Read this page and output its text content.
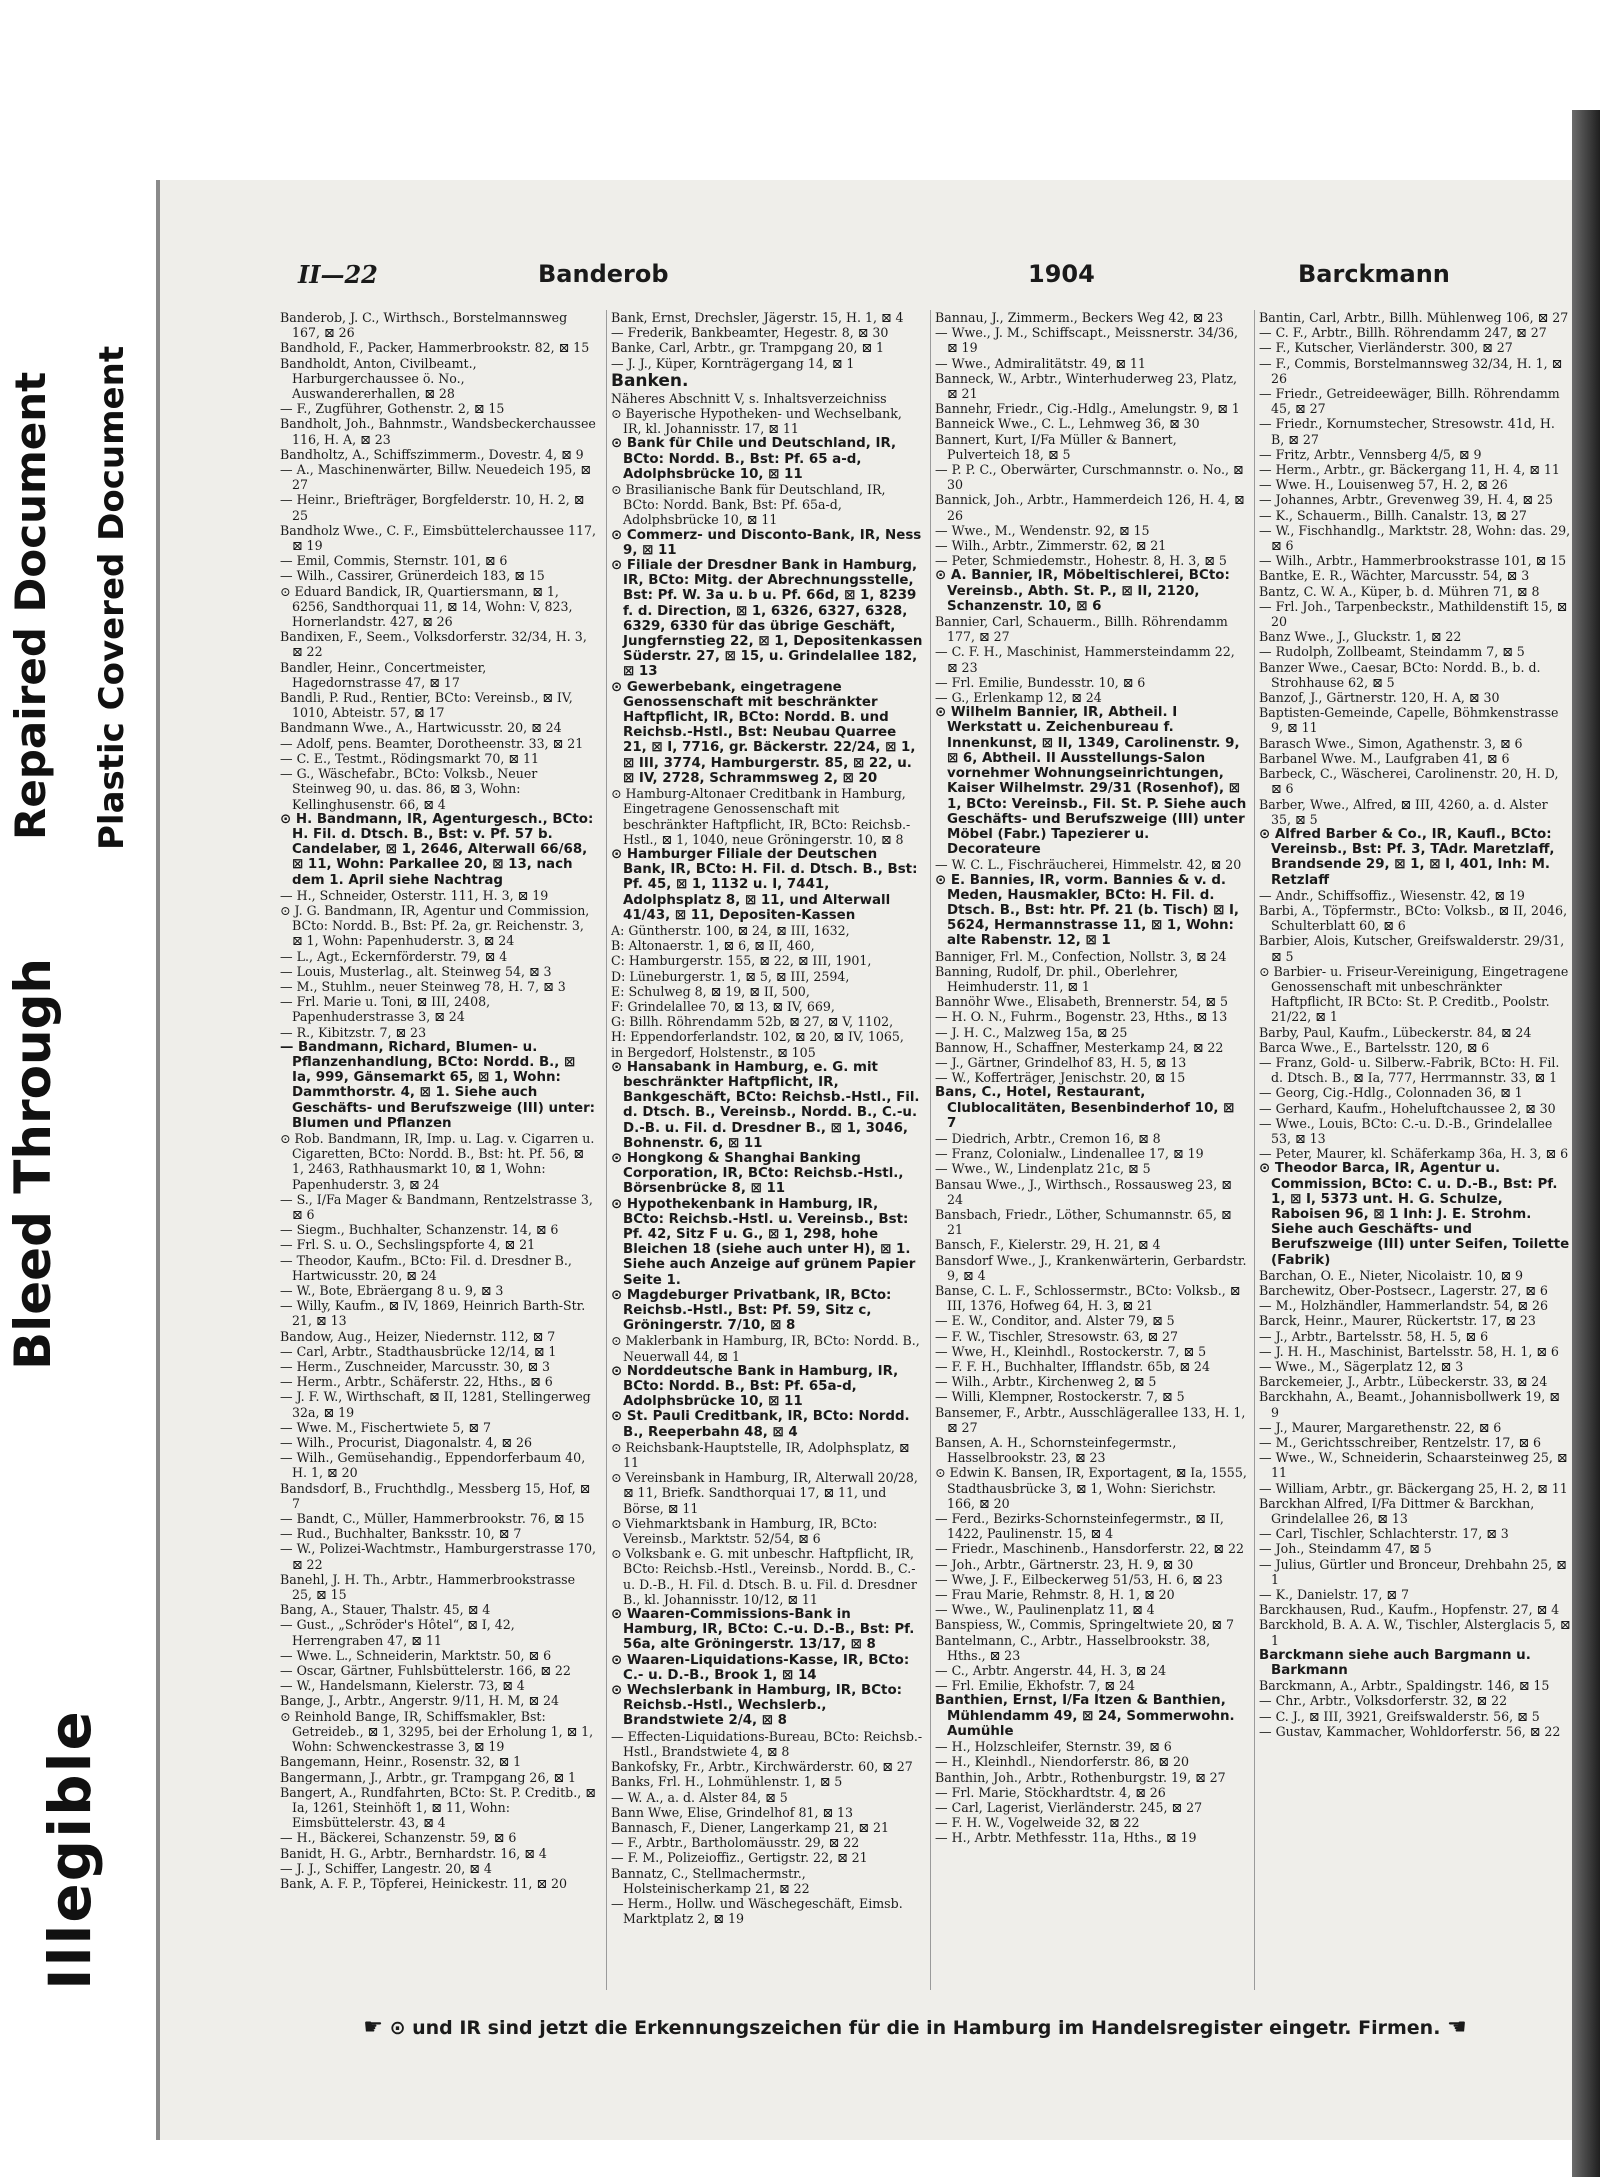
Bleed Through
Repaired Document Plastic Covered Document
Illegible
II—22	Banderob	1904	Barckmann

Banderob, J. C., Wirthsch., Borstelmannsweg 167, ⊠ 26

Bandhold, F., Packer, Hammerbrookstr. 82, ⊠ 15

Bandholdt, Anton, Civilbeamt., Harburgerchaussee ö. No., Auswandererhallen, ⊠ 28

— F., Zugführer, Gothenstr. 2, ⊠ 15

Bandholt, Joh., Bahnmstr., Wandsbeckerchaussee 116, H. A, ⊠ 23

Bandholtz, A., Schiffszimmerm., Dovestr. 4, ⊠ 9

— A., Maschinenwärter, Billw. Neuedeich 195, ⊠ 27

— Heinr., Briefträger, Borgfelderstr. 10, H. 2, ⊠ 25

Bandholz Wwe., C. F., Eimsbüttelerchaussee 117, ⊠ 19

— Emil, Commis, Sternstr. 101, ⊠ 6

— Wilh., Cassirer, Grünerdeich 183, ⊠ 15

⊙ Eduard Bandick, IR, Quartiersmann, ⊠ 1, 6256, Sandthorquai 11, ⊠ 14, Wohn: V, 823, Hornerlandstr. 427, ⊠ 26

Bandixen, F., Seem., Volksdorferstr. 32/34, H. 3, ⊠ 22

Bandler, Heinr., Concertmeister, Hagedornstrasse 47, ⊠ 17

Bandli, P. Rud., Rentier, BCto: Vereinsb., ⊠ IV, 1010, Abteistr. 57, ⊠ 17

Bandmann Wwe., A., Hartwicusstr. 20, ⊠ 24

— Adolf, pens. Beamter, Dorotheenstr. 33, ⊠ 21

— C. E., Testmt., Rödingsmarkt 70, ⊠ 11

— G., Wäschefabr., BCto: Volksb., Neuer Steinweg 90, u. das. 86, ⊠ 3, Wohn: Kellinghusenstr. 66, ⊠ 4

⊙ H. Bandmann, IR, Agenturgesch., BCto: H. Fil. d. Dtsch. B., Bst: v. Pf. 57 b. Candelaber, ⊠ 1, 2646, Alterwall 66/68, ⊠ 11, Wohn: Parkallee 20, ⊠ 13, nach dem 1. April siehe Nachtrag

— H., Schneider, Osterstr. 111, H. 3, ⊠ 19

⊙ J. G. Bandmann, IR, Agentur und Commission, BCto: Nordd. B., Bst: Pf. 2a, gr. Reichenstr. 3, ⊠ 1, Wohn: Papenhuderstr. 3, ⊠ 24

— L., Agt., Eckernförderstr. 79, ⊠ 4

— Louis, Musterlag., alt. Steinweg 54, ⊠ 3

— M., Stuhlm., neuer Steinweg 78, H. 7, ⊠ 3

— Frl. Marie u. Toni, ⊠ III, 2408, Papenhuderstrasse 3, ⊠ 24

— R., Kibitzstr. 7, ⊠ 23

— Bandmann, Richard, Blumen- u. Pflanzenhandlung, BCto: Nordd. B., ⊠ Ia, 999, Gänsemarkt 65, ⊠ 1, Wohn: Dammthorstr. 4, ⊠ 1. Siehe auch Geschäfts- und Berufszweige (III) unter: Blumen und Pflanzen

⊙ Rob. Bandmann, IR, Imp. u. Lag. v. Cigarren u. Cigaretten, BCto: Nordd. B., Bst: ht. Pf. 56, ⊠ 1, 2463, Rathhausmarkt 10, ⊠ 1, Wohn: Papenhuderstr. 3, ⊠ 24

— S., I/Fa Mager & Bandmann, Rentzelstrasse 3, ⊠ 6

— Siegm., Buchhalter, Schanzenstr. 14, ⊠ 6

— Frl. S. u. O., Sechslingspforte 4, ⊠ 21

— Theodor, Kaufm., BCto: Fil. d. Dresdner B., Hartwicusstr. 20, ⊠ 24

— W., Bote, Ebräergang 8 u. 9, ⊠ 3

— Willy, Kaufm., ⊠ IV, 1869, Heinrich Barth-Str. 21, ⊠ 13

Bandow, Aug., Heizer, Niedernstr. 112, ⊠ 7

— Carl, Arbtr., Stadthausbrücke 12/14, ⊠ 1

— Herm., Zuschneider, Marcusstr. 30, ⊠ 3

— Herm., Arbtr., Schäferstr. 22, Hths., ⊠ 6

— J. F. W., Wirthschaft, ⊠ II, 1281, Stellingerweg 32a, ⊠ 19

— Wwe. M., Fischertwiete 5, ⊠ 7

— Wilh., Procurist, Diagonalstr. 4, ⊠ 26

— Wilh., Gemüsehandig., Eppendorferbaum 40, H. 1, ⊠ 20

Bandsdorf, B., Fruchthdlg., Messberg 15, Hof, ⊠ 7

— Bandt, C., Müller, Hammerbrookstr. 76, ⊠ 15

— Rud., Buchhalter, Banksstr. 10, ⊠ 7

— W., Polizei-Wachtmstr., Hamburgerstrasse 170, ⊠ 22

Banehl, J. H. Th., Arbtr., Hammerbrookstrasse 25, ⊠ 15

Bang, A., Stauer, Thalstr. 45, ⊠ 4

— Gust., „Schröder's Hôtel“, ⊠ I, 42, Herrengraben 47, ⊠ 11

— Wwe. L., Schneiderin, Marktstr. 50, ⊠ 6

— Oscar, Gärtner, Fuhlsbüttelerstr. 166, ⊠ 22

— W., Handelsmann, Kielerstr. 73, ⊠ 4

Bange, J., Arbtr., Angerstr. 9/11, H. M, ⊠ 24

⊙ Reinhold Bange, IR, Schiffsmakler, Bst: Getreideb., ⊠ 1, 3295, bei der Erholung 1, ⊠ 1, Wohn: Schwenckestrasse 3, ⊠ 19

Bangemann, Heinr., Rosenstr. 32, ⊠ 1

Bangermann, J., Arbtr., gr. Trampgang 26, ⊠ 1

Bangert, A., Rundfahrten, BCto: St. P. Creditb., ⊠ Ia, 1261, Steinhöft 1, ⊠ 11, Wohn: Eimsbüttelerstr. 43, ⊠ 4

— H., Bäckerei, Schanzenstr. 59, ⊠ 6

Banidt, H. G., Arbtr., Bernhardstr. 16, ⊠ 4

— J. J., Schiffer, Langestr. 20, ⊠ 4

Bank, A. F. P., Töpferei, Heinickestr. 11, ⊠ 20

Bank, Ernst, Drechsler, Jägerstr. 15, H. 1, ⊠ 4

— Frederik, Bankbeamter, Hegestr. 8, ⊠ 30

Banke, Carl, Arbtr., gr. Trampgang 20, ⊠ 1

— J. J., Küper, Kornträgergang 14, ⊠ 1

Banken.

Näheres Abschnitt V, s. Inhaltsverzeichniss

⊙ Bayerische Hypotheken- und Wechselbank, IR, kl. Johannisstr. 17, ⊠ 11

⊙ Bank für Chile und Deutschland, IR, BCto: Nordd. B., Bst: Pf. 65 a-d, Adolphsbrücke 10, ⊠ 11

⊙ Brasilianische Bank für Deutschland, IR, BCto: Nordd. Bank, Bst: Pf. 65a-d, Adolphsbrücke 10, ⊠ 11

⊙ Commerz- und Disconto-Bank, IR, Ness 9, ⊠ 11

⊙ Filiale der Dresdner Bank in Hamburg, IR, BCto: Mitg. der Abrechnungsstelle, Bst: Pf. W. 3a u. b u. Pf. 66d, ⊠ 1, 8239 f. d. Direction, ⊠ 1, 6326, 6327, 6328, 6329, 6330 für das übrige Geschäft, Jungfernstieg 22, ⊠ 1, Depositenkassen Süderstr. 27, ⊠ 15, u. Grindelallee 182, ⊠ 13

⊙ Gewerbebank, eingetragene Genossenschaft mit beschränkter Haftpflicht, IR, BCto: Nordd. B. und Reichsb.-Hstl., Bst: Neubau Quarree 21, ⊠ I, 7716, gr. Bäckerstr. 22/24, ⊠ 1, ⊠ III, 3774, Hamburgerstr. 85, ⊠ 22, u. ⊠ IV, 2728, Schrammsweg 2, ⊠ 20

⊙ Hamburg-Altonaer Creditbank in Hamburg, Eingetragene Genossenschaft mit beschränkter Haftpflicht, IR, BCto: Reichsb.-Hstl., ⊠ 1, 1040, neue Gröningerstr. 10, ⊠ 8

⊙ Hamburger Filiale der Deutschen Bank, IR, BCto: H. Fil. d. Dtsch. B., Bst: Pf. 45, ⊠ 1, 1132 u. I, 7441, Adolphsplatz 8, ⊠ 11, und Alterwall 41/43, ⊠ 11, Depositen-Kassen

A: Güntherstr. 100, ⊠ 24, ⊠ III, 1632,

B: Altonaerstr. 1, ⊠ 6, ⊠ II, 460,

C: Hamburgerstr. 155, ⊠ 22, ⊠ III, 1901,

D: Lüneburgerstr. 1, ⊠ 5, ⊠ III, 2594,

E: Schulweg 8, ⊠ 19, ⊠ II, 500,

F: Grindelallee 70, ⊠ 13, ⊠ IV, 669,

G: Billh. Röhrendamm 52b, ⊠ 27, ⊠ V, 1102,

H: Eppendorferlandstr. 102, ⊠ 20, ⊠ IV, 1065,

in Bergedorf, Holstenstr., ⊠ 105

⊙ Hansabank in Hamburg, e. G. mit beschränkter Haftpflicht, IR, Bankgeschäft, BCto: Reichsb.-Hstl., Fil. d. Dtsch. B., Vereinsb., Nordd. B., C.-u. D.-B. u. Fil. d. Dresdner B., ⊠ 1, 3046, Bohnenstr. 6, ⊠ 11

⊙ Hongkong & Shanghai Banking Corporation, IR, BCto: Reichsb.-Hstl., Börsenbrücke 8, ⊠ 11

⊙ Hypothekenbank in Hamburg, IR, BCto: Reichsb.-Hstl. u. Vereinsb., Bst: Pf. 42, Sitz F u. G., ⊠ 1, 298, hohe Bleichen 18 (siehe auch unter H), ⊠ 1. Siehe auch Anzeige auf grünem Papier Seite 1.

⊙ Magdeburger Privatbank, IR, BCto: Reichsb.-Hstl., Bst: Pf. 59, Sitz c, Gröningerstr. 7/10, ⊠ 8

⊙ Maklerbank in Hamburg, IR, BCto: Nordd. B., Neuerwall 44, ⊠ 1

⊙ Norddeutsche Bank in Hamburg, IR, BCto: Nordd. B., Bst: Pf. 65a-d, Adolphsbrücke 10, ⊠ 11

⊙ St. Pauli Creditbank, IR, BCto: Nordd. B., Reeperbahn 48, ⊠ 4

⊙ Reichsbank-Hauptstelle, IR, Adolphsplatz, ⊠ 11

⊙ Vereinsbank in Hamburg, IR, Alterwall 20/28, ⊠ 11, Briefk. Sandthorquai 17, ⊠ 11, und Börse, ⊠ 11

⊙ Viehmarktsbank in Hamburg, IR, BCto: Vereinsb., Marktstr. 52/54, ⊠ 6

⊙ Volksbank e. G. mit unbeschr. Haftpflicht, IR, BCto: Reichsb.-Hstl., Vereinsb., Nordd. B., C.- u. D.-B., H. Fil. d. Dtsch. B. u. Fil. d. Dresdner B., kl. Johannisstr. 10/12, ⊠ 11

⊙ Waaren-Commissions-Bank in Hamburg, IR, BCto: C.-u. D.-B., Bst: Pf. 56a, alte Gröningerstr. 13/17, ⊠ 8

⊙ Waaren-Liquidations-Kasse, IR, BCto: C.- u. D.-B., Brook 1, ⊠ 14

⊙ Wechslerbank in Hamburg, IR, BCto: Reichsb.-Hstl., Wechslerb., Brandstwiete 2/4, ⊠ 8

— Effecten-Liquidations-Bureau, BCto: Reichsb.-Hstl., Brandstwiete 4, ⊠ 8

Bankofsky, Fr., Arbtr., Kirchwärderstr. 60, ⊠ 27

Banks, Frl. H., Lohmühlenstr. 1, ⊠ 5

— W. A., a. d. Alster 84, ⊠ 5

Bann Wwe, Elise, Grindelhof 81, ⊠ 13

Bannasch, F., Diener, Langerkamp 21, ⊠ 21

— F., Arbtr., Bartholomäusstr. 29, ⊠ 22

— F. M., Polizeioffiz., Gertigstr. 22, ⊠ 21

Bannatz, C., Stellmachermstr., Holsteinischerkamp 21, ⊠ 22

— Herm., Hollw. und Wäschegeschäft, Eimsb. Marktplatz 2, ⊠ 19

Bannau, J., Zimmerm., Beckers Weg 42, ⊠ 23

— Wwe., J. M., Schiffscapt., Meissnerstr. 34/36, ⊠ 19

— Wwe., Admiralitätstr. 49, ⊠ 11

Banneck, W., Arbtr., Winterhuderweg 23, Platz, ⊠ 21

Bannehr, Friedr., Cig.-Hdlg., Amelungstr. 9, ⊠ 1

Banneick Wwe., C. L., Lehmweg 36, ⊠ 30

Bannert, Kurt, I/Fa Müller & Bannert, Pulverteich 18, ⊠ 5

— P. P. C., Oberwärter, Curschmannstr. o. No., ⊠ 30

Bannick, Joh., Arbtr., Hammerdeich 126, H. 4, ⊠ 26

— Wwe., M., Wendenstr. 92, ⊠ 15

— Wilh., Arbtr., Zimmerstr. 62, ⊠ 21

— Peter, Schmiedemstr., Hohestr. 8, H. 3, ⊠ 5

⊙ A. Bannier, IR, Möbeltischlerei, BCto: Vereinsb., Abth. St. P., ⊠ II, 2120, Schanzenstr. 10, ⊠ 6

Bannier, Carl, Schauerm., Billh. Röhrendamm 177, ⊠ 27

— C. F. H., Maschinist, Hammersteindamm 22, ⊠ 23

— Frl. Emilie, Bundesstr. 10, ⊠ 6

— G., Erlenkamp 12, ⊠ 24

⊙ Wilhelm Bannier, IR, Abtheil. I Werkstatt u. Zeichenbureau f. Innenkunst, ⊠ II, 1349, Carolinenstr. 9, ⊠ 6, Abtheil. II Ausstellungs-Salon vornehmer Wohnungseinrichtungen, Kaiser Wilhelmstr. 29/31 (Rosenhof), ⊠ 1, BCto: Vereinsb., Fil. St. P. Siehe auch Geschäfts- und Berufszweige (III) unter Möbel (Fabr.) Tapezierer u. Decorateure

— W. C. L., Fischräucherei, Himmelstr. 42, ⊠ 20

⊙ E. Bannies, IR, vorm. Bannies & v. d. Meden, Hausmakler, BCto: H. Fil. d. Dtsch. B., Bst: htr. Pf. 21 (b. Tisch) ⊠ I, 5624, Hermannstrasse 11, ⊠ 1, Wohn: alte Rabenstr. 12, ⊠ 1

Banniger, Frl. M., Confection, Nollstr. 3, ⊠ 24

Banning, Rudolf, Dr. phil., Oberlehrer, Heimhuderstr. 11, ⊠ 1

Bannöhr Wwe., Elisabeth, Brennerstr. 54, ⊠ 5

— H. O. N., Fuhrm., Bogenstr. 23, Hths., ⊠ 13

— J. H. C., Malzweg 15a, ⊠ 25

Bannow, H., Schaffner, Mesterkamp 24, ⊠ 22

— J., Gärtner, Grindelhof 83, H. 5, ⊠ 13

— W., Kofferträger, Jenischstr. 20, ⊠ 15

Bans, C., Hotel, Restaurant, Clublocalitäten, Besenbinderhof 10, ⊠ 7

— Diedrich, Arbtr., Cremon 16, ⊠ 8

— Franz, Colonialw., Lindenallee 17, ⊠ 19

— Wwe., W., Lindenplatz 21c, ⊠ 5

Bansau Wwe., J., Wirthsch., Rossausweg 23, ⊠ 24

Bansbach, Friedr., Löther, Schumannstr. 65, ⊠ 21

Bansch, F., Kielerstr. 29, H. 21, ⊠ 4

Bansdorf Wwe., J., Krankenwärterin, Gerbardstr. 9, ⊠ 4

Banse, C. L. F., Schlossermstr., BCto: Volksb., ⊠ III, 1376, Hofweg 64, H. 3, ⊠ 21

— E. W., Conditor, and. Alster 79, ⊠ 5

— F. W., Tischler, Stresowstr. 63, ⊠ 27

— Wwe, H., Kleinhdl., Rostockerstr. 7, ⊠ 5

— F. F. H., Buchhalter, Ifflandstr. 65b, ⊠ 24

— Wilh., Arbtr., Kirchenweg 2, ⊠ 5

— Willi, Klempner, Rostockerstr. 7, ⊠ 5

Bansemer, F., Arbtr., Ausschlägerallee 133, H. 1, ⊠ 27

Bansen, A. H., Schornsteinfegermstr., Hasselbrookstr. 23, ⊠ 23

⊙ Edwin K. Bansen, IR, Exportagent, ⊠ Ia, 1555, Stadthausbrücke 3, ⊠ 1, Wohn: Sierichstr. 166, ⊠ 20

— Ferd., Bezirks-Schornsteinfegermstr., ⊠ II, 1422, Paulinenstr. 15, ⊠ 4

— Friedr., Maschinenb., Hansdorferstr. 22, ⊠ 22

— Joh., Arbtr., Gärtnerstr. 23, H. 9, ⊠ 30

— Wwe, J. F., Eilbeckerweg 51/53, H. 6, ⊠ 23

— Frau Marie, Rehmstr. 8, H. 1, ⊠ 20

— Wwe., W., Paulinenplatz 11, ⊠ 4

Banspiess, W., Commis, Springeltwiete 20, ⊠ 7

Bantelmann, C., Arbtr., Hasselbrookstr. 38, Hths., ⊠ 23

— C., Arbtr. Angerstr. 44, H. 3, ⊠ 24

— Frl. Emilie, Ekhofstr. 7, ⊠ 24

Banthien, Ernst, I/Fa Itzen & Banthien, Mühlendamm 49, ⊠ 24, Sommerwohn. Aumühle

— H., Holzschleifer, Sternstr. 39, ⊠ 6

— H., Kleinhdl., Niendorferstr. 86, ⊠ 20

Banthin, Joh., Arbtr., Rothenburgstr. 19, ⊠ 27

— Frl. Marie, Stöckhardtstr. 4, ⊠ 26

— Carl, Lagerist, Vierländerstr. 245, ⊠ 27

— F. H. W., Vogelweide 32, ⊠ 22

— H., Arbtr. Methfesstr. 11a, Hths., ⊠ 19

Bantin, Carl, Arbtr., Billh. Mühlenweg 106, ⊠ 27

— C. F., Arbtr., Billh. Röhrendamm 247, ⊠ 27

— F., Kutscher, Vierländerstr. 300, ⊠ 27

— F., Commis, Borstelmannsweg 32/34, H. 1, ⊠ 26

— Friedr., Getreideewäger, Billh. Röhrendamm 45, ⊠ 27

— Friedr., Kornumstecher, Stresowstr. 41d, H. B, ⊠ 27

— Fritz, Arbtr., Vennsberg 4/5, ⊠ 9

— Herm., Arbtr., gr. Bäckergang 11, H. 4, ⊠ 11

— Wwe. H., Louisenweg 57, H. 2, ⊠ 26

— Johannes, Arbtr., Grevenweg 39, H. 4, ⊠ 25

— K., Schauerm., Billh. Canalstr. 13, ⊠ 27

— W., Fischhandlg., Marktstr. 28, Wohn: das. 29, ⊠ 6

— Wilh., Arbtr., Hammerbrookstrasse 101, ⊠ 15

Bantke, E. R., Wächter, Marcusstr. 54, ⊠ 3

Bantz, C. W. A., Küper, b. d. Mühren 71, ⊠ 8

— Frl. Joh., Tarpenbeckstr., Mathildenstift 15, ⊠ 20

Banz Wwe., J., Gluckstr. 1, ⊠ 22

— Rudolph, Zollbeamt, Steindamm 7, ⊠ 5

Banzer Wwe., Caesar, BCto: Nordd. B., b. d. Strohhause 62, ⊠ 5

Banzof, J., Gärtnerstr. 120, H. A, ⊠ 30

Baptisten-Gemeinde, Capelle, Böhmkenstrasse 9, ⊠ 11

Barasch Wwe., Simon, Agathenstr. 3, ⊠ 6

Barbanel Wwe. M., Laufgraben 41, ⊠ 6

Barbeck, C., Wäscherei, Carolinenstr. 20, H. D, ⊠ 6

Barber, Wwe., Alfred, ⊠ III, 4260, a. d. Alster 35, ⊠ 5

⊙ Alfred Barber & Co., IR, Kaufl., BCto: Vereinsb., Bst: Pf. 3, TAdr. Maretzlaff, Brandsende 29, ⊠ 1, ⊠ I, 401, Inh: M. Retzlaff

— Andr., Schiffsoffiz., Wiesenstr. 42, ⊠ 19

Barbi, A., Töpfermstr., BCto: Volksb., ⊠ II, 2046, Schulterblatt 60, ⊠ 6

Barbier, Alois, Kutscher, Greifswalderstr. 29/31, ⊠ 5

⊙ Barbier- u. Friseur-Vereinigung, Eingetragene Genossenschaft mit unbeschränkter Haftpflicht, IR BCto: St. P. Creditb., Poolstr. 21/22, ⊠ 1

Barby, Paul, Kaufm., Lübeckerstr. 84, ⊠ 24

Barca Wwe., E., Bartelsstr. 120, ⊠ 6

— Franz, Gold- u. Silberw.-Fabrik, BCto: H. Fil. d. Dtsch. B., ⊠ Ia, 777, Herrmannstr. 33, ⊠ 1

— Georg, Cig.-Hdlg., Colonnaden 36, ⊠ 1

— Gerhard, Kaufm., Hoheluftchaussee 2, ⊠ 30

— Wwe., Louis, BCto: C.-u. D.-B., Grindelallee 53, ⊠ 13

— Peter, Maurer, kl. Schäferkamp 36a, H. 3, ⊠ 6

⊙ Theodor Barca, IR, Agentur u. Commission, BCto: C. u. D.-B., Bst: Pf. 1, ⊠ I, 5373 unt. H. G. Schulze, Raboisen 96, ⊠ 1 Inh: J. E. Strohm. Siehe auch Geschäfts- und Berufszweige (III) unter Seifen, Toilette (Fabrik)

Barchan, O. E., Nieter, Nicolaistr. 10, ⊠ 9

Barchewitz, Ober-Postsecr., Lagerstr. 27, ⊠ 6

— M., Holzhändler, Hammerlandstr. 54, ⊠ 26

Barck, Heinr., Maurer, Rückertstr. 17, ⊠ 23

— J., Arbtr., Bartelsstr. 58, H. 5, ⊠ 6

— J. H. H., Maschinist, Bartelsstr. 58, H. 1, ⊠ 6

— Wwe., M., Sägerplatz 12, ⊠ 3

Barckemeier, J., Arbtr., Lübeckerstr. 33, ⊠ 24

Barckhahn, A., Beamt., Johannisbollwerk 19, ⊠ 9

— J., Maurer, Margarethenstr. 22, ⊠ 6

— M., Gerichtsschreiber, Rentzelstr. 17, ⊠ 6

— Wwe., W., Schneiderin, Schaarsteinweg 25, ⊠ 11

— William, Arbtr., gr. Bäckergang 25, H. 2, ⊠ 11

Barckhan Alfred, I/Fa Dittmer & Barckhan, Grindelallee 26, ⊠ 13

— Carl, Tischler, Schlachterstr. 17, ⊠ 3

— Joh., Steindamm 47, ⊠ 5

— Julius, Gürtler und Bronceur, Drehbahn 25, ⊠ 1

— K., Danielstr. 17, ⊠ 7

Barckhausen, Rud., Kaufm., Hopfenstr. 27, ⊠ 4

Barckhold, B. A. A. W., Tischler, Alsterglacis 5, ⊠ 1

Barckmann siehe auch Bargmann u. Barkmann

Barckmann, A., Arbtr., Spaldingstr. 146, ⊠ 15

— Chr., Arbtr., Volksdorferstr. 32, ⊠ 22

— C. J., ⊠ III, 3921, Greifswalderstr. 56, ⊠ 5

— Gustav, Kammacher, Wohldorferstr. 56, ⊠ 22

☛ ⊙ und IR sind jetzt die Erkennungszeichen für die in Hamburg im Handelsregister eingetr. Firmen. ☚
